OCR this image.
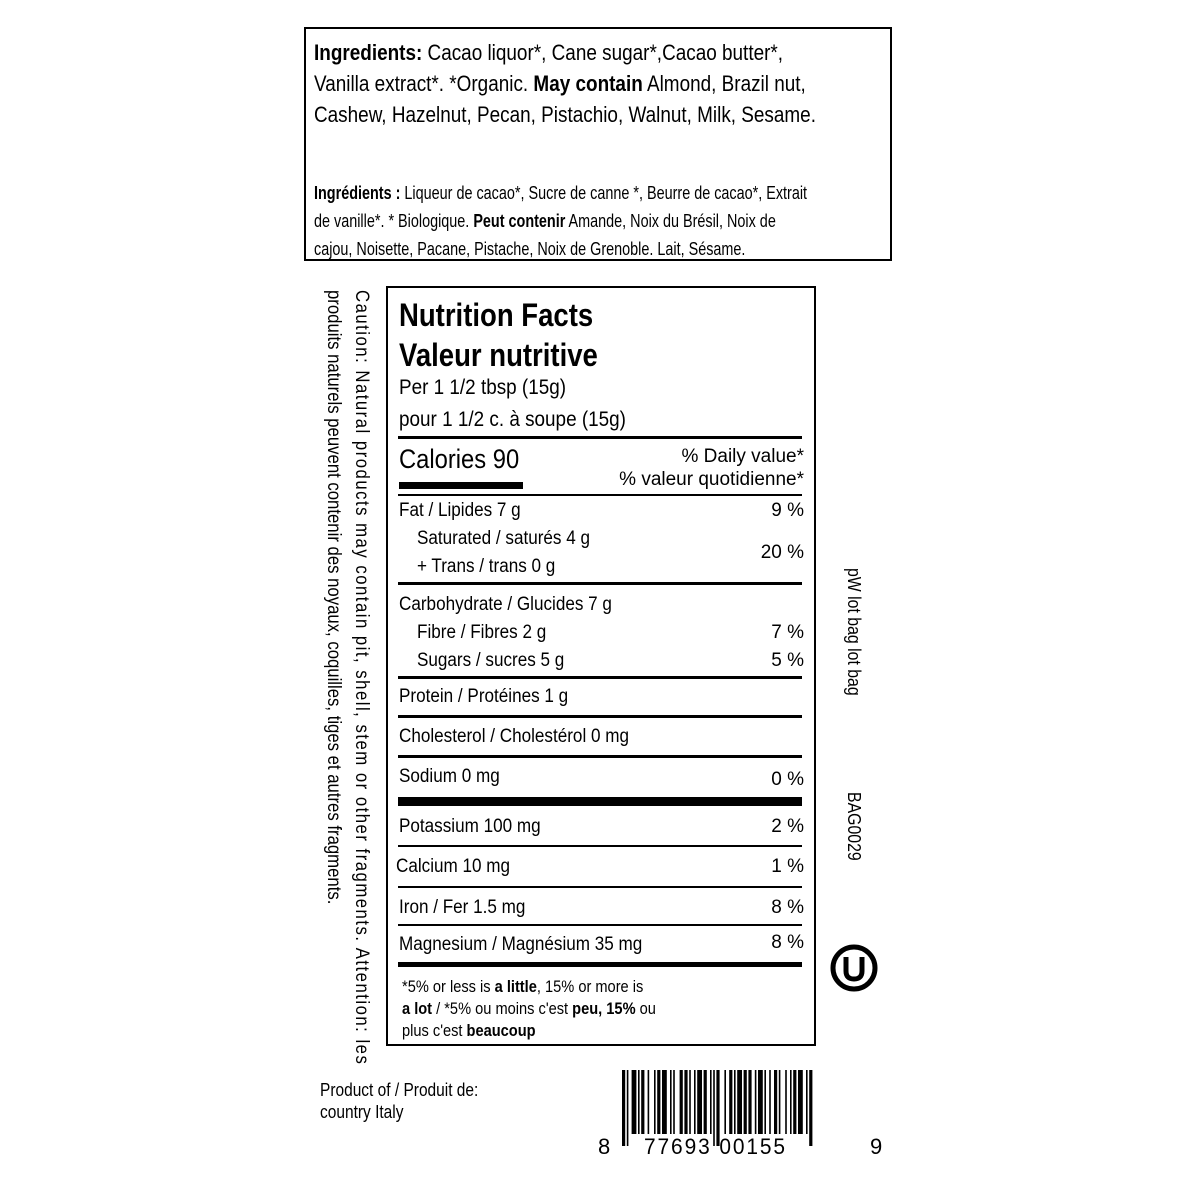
Ingredients: Cacao liquor*, Cane sugar*,Cacao butter*,
Vanilla extract*. *Organic. May contain Almond, Brazil nut,
Cashew, Hazelnut, Pecan, Pistachio, Walnut, Milk, Sesame.
Ingrédients : Liqueur de cacao*, Sucre de canne *, Beurre de cacao*, Extrait
de vanille*. * Biologique. Peut contenir Amande, Noix du Brésil, Noix de
cajou, Noisette, Pacane, Pistache, Noix de Grenoble. Lait, Sésame.
Caution: Natural products may contain pit, shell, stem or other fragments. Attention: les
produits naturels peuvent contenir des noyaux, coquilles, tiges et autres fragments. Nutrition Facts
Valeur nutritive
Per 1 1/2 tbsp (15g)
pour 1 1/2 c. à soupe (15g)
Calories 90	% Daily value*
% valeur quotidienne*
Fat / Lipides 7 g	9 %
Saturated / saturés 4 g
20 %
+ Trans / trans 0 g
Carbohydrate / Glucides 7 g
Fibre / Fibres 2 g	7 %
Sugars / sucres 5 g	5 %
Protein / Protéines 1 g
Cholesterol / Cholestérol 0 mg
Sodium 0 mg	0 %
Potassium 100 mg	2 %
Calcium 10 mg	1 %
Iron / Fer 1.5 mg	8 %
Magnesium / Magnésium 35 mg	8 %
*5% or less is a little, 15% or more is
a lot / *5% ou moins c'est peu, 15% ou
plus c'est beaucoup
pW lot bag lot bag
BAG0029
Product of / Produit de:
country Italy
8 77693 00155	9
